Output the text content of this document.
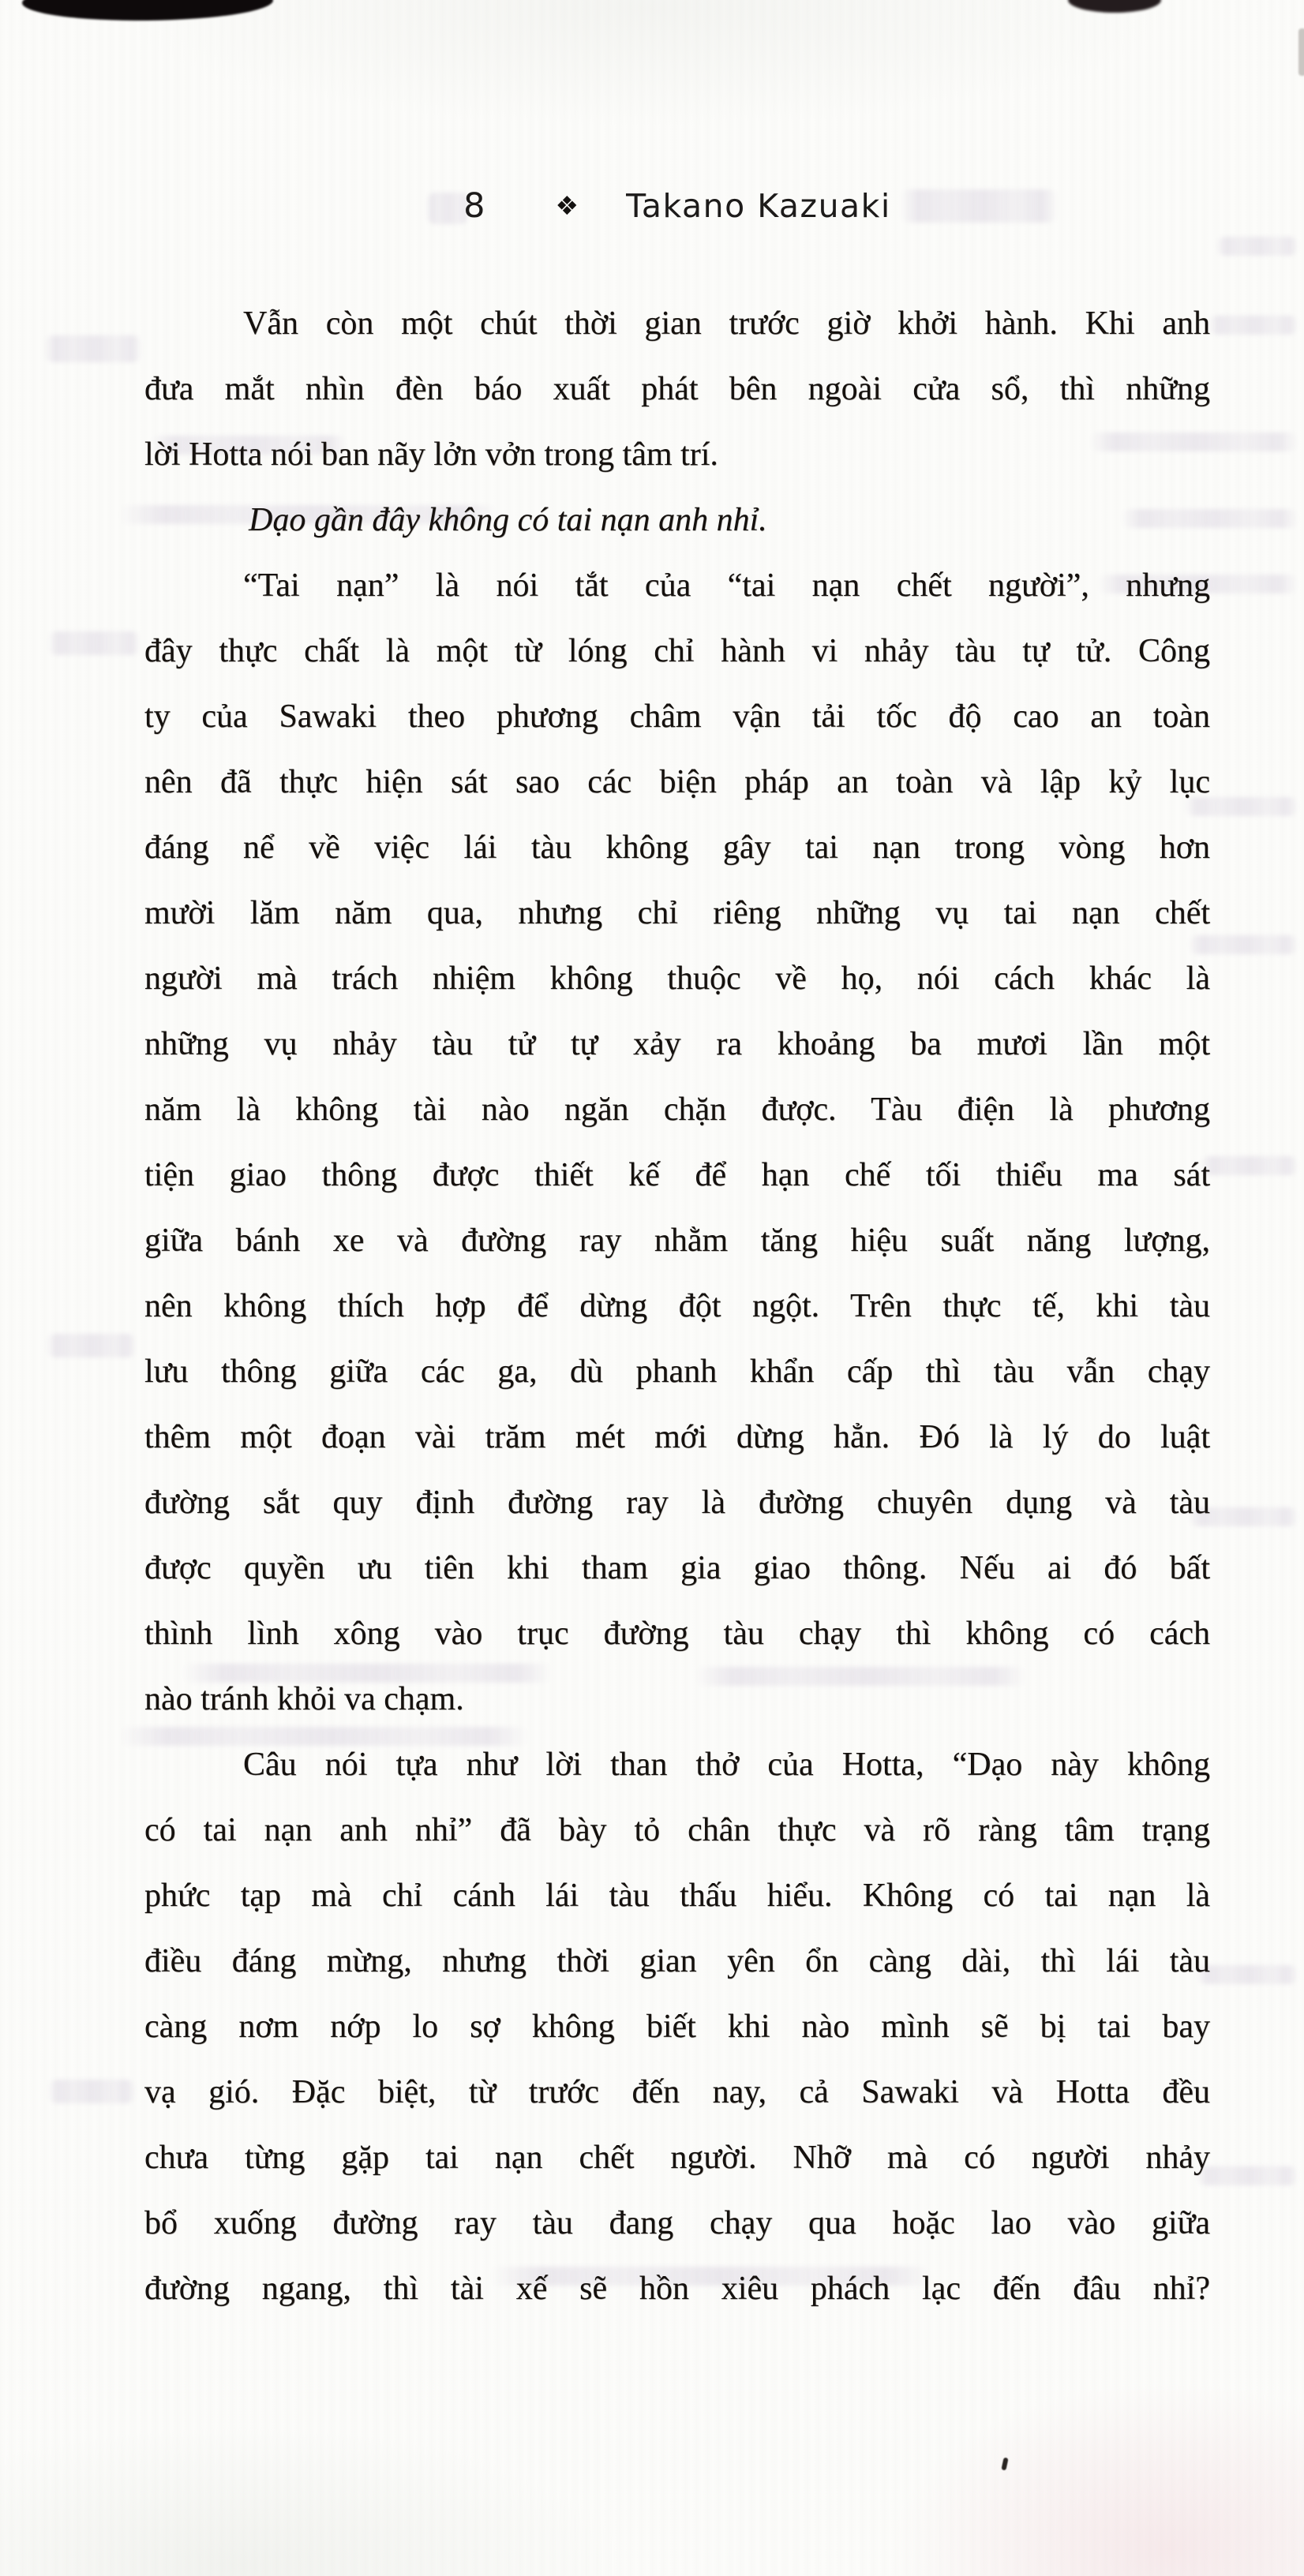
8	❖ Takano Kazuaki
Vẫn còn một chút thời gian trước giờ khởi hành. Khi anh
đưa mắt nhìn đèn báo xuất phát bên ngoài cửa sổ, thì những
lời Hotta nói ban nãy lởn vởn trong tâm trí.
Dạo gần đây không có tai nạn anh nhỉ.
“Tai nạn” là nói tắt của “tai nạn chết người”, nhưng
đây thực chất là một từ lóng chỉ hành vi nhảy tàu tự tử. Công
ty của Sawaki theo phương châm vận tải tốc độ cao an toàn
nên đã thực hiện sát sao các biện pháp an toàn và lập kỷ lục
đáng nể về việc lái tàu không gây tai nạn trong vòng hơn
mười lăm năm qua, nhưng chỉ riêng những vụ tai nạn chết
người mà trách nhiệm không thuộc về họ, nói cách khác là
những vụ nhảy tàu tử tự xảy ra khoảng ba mươi lần một
năm là không tài nào ngăn chặn được. Tàu điện là phương
tiện giao thông được thiết kế để hạn chế tối thiểu ma sát
giữa bánh xe và đường ray nhằm tăng hiệu suất năng lượng,
nên không thích hợp để dừng đột ngột. Trên thực tế, khi tàu
lưu thông giữa các ga, dù phanh khẩn cấp thì tàu vẫn chạy
thêm một đoạn vài trăm mét mới dừng hẳn. Đó là lý do luật
đường sắt quy định đường ray là đường chuyên dụng và tàu
được quyền ưu tiên khi tham gia giao thông. Nếu ai đó bất
thình lình xông vào trục đường tàu chạy thì không có cách
nào tránh khỏi va chạm.
Câu nói tựa như lời than thở của Hotta, “Dạo này không
có tai nạn anh nhỉ” đã bày tỏ chân thực và rõ ràng tâm trạng
phức tạp mà chỉ cánh lái tàu thấu hiểu. Không có tai nạn là
điều đáng mừng, nhưng thời gian yên ổn càng dài, thì lái tàu
càng nơm nớp lo sợ không biết khi nào mình sẽ bị tai bay
vạ gió. Đặc biệt, từ trước đến nay, cả Sawaki và Hotta đều
chưa từng gặp tai nạn chết người. Nhỡ mà có người nhảy
bổ xuống đường ray tàu đang chạy qua hoặc lao vào giữa
đường ngang, thì tài xế sẽ hồn xiêu phách lạc đến đâu nhỉ?
